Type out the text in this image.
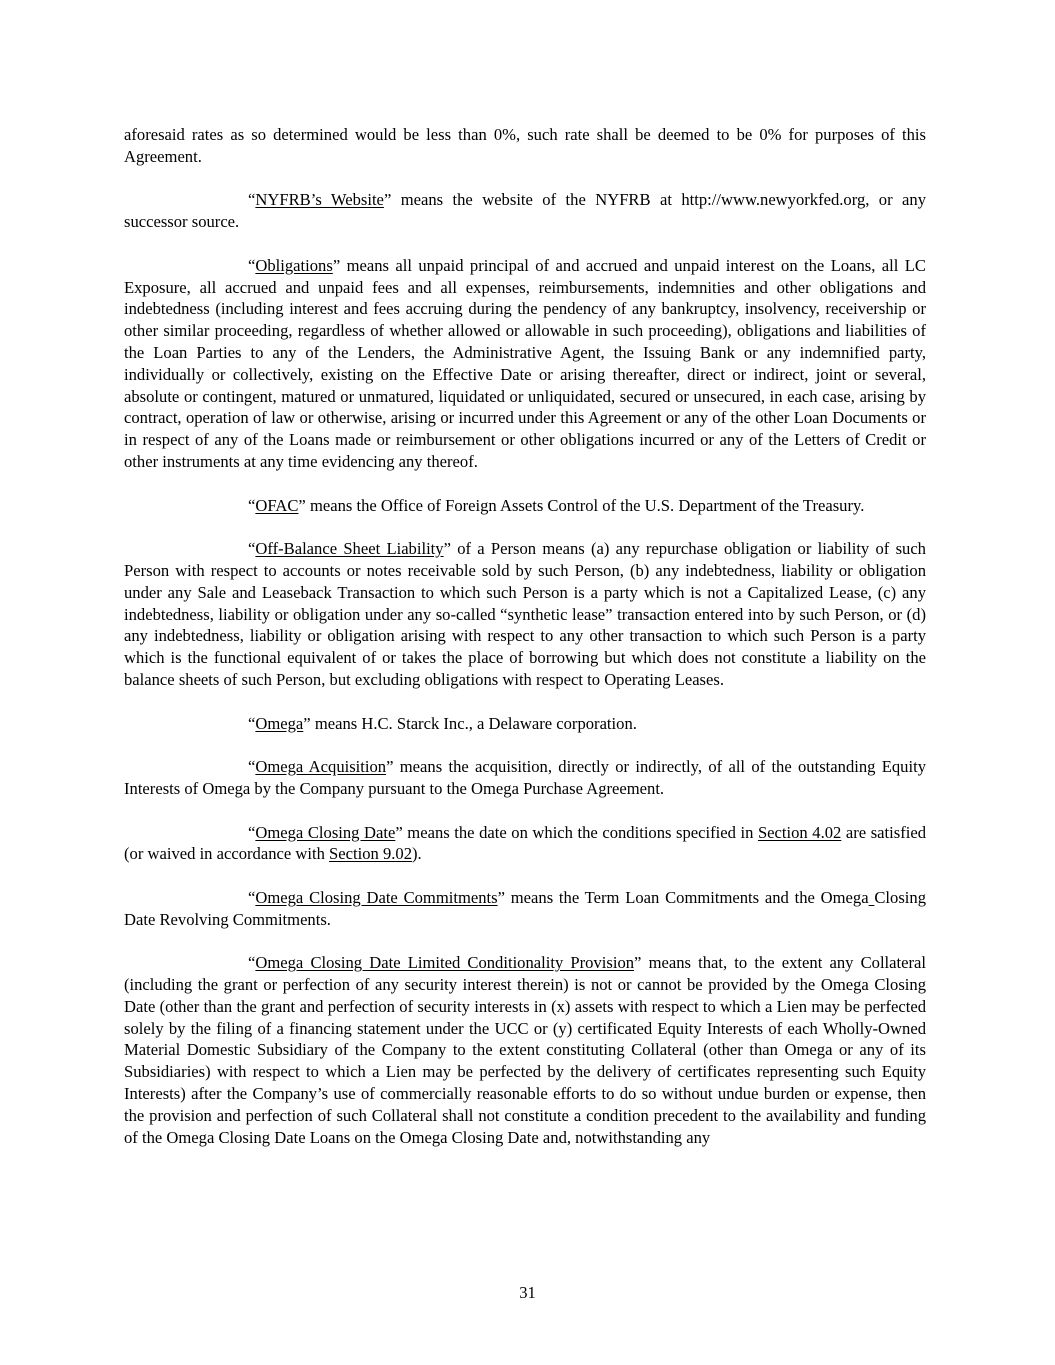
aforesaid rates as so determined would be less than 0%, such rate shall be deemed to be 0% for purposes of this Agreement.

“NYFRB’s Website” means the website of the NYFRB at http://www.newyorkfed.org, or any successor source.

“Obligations” means all unpaid principal of and accrued and unpaid interest on the Loans, all LC Exposure, all accrued and unpaid fees and all expenses, reimbursements, indemnities and other obligations and indebtedness (including interest and fees accruing during the pendency of any bankruptcy, insolvency, receivership or other similar proceeding, regardless of whether allowed or allowable in such proceeding), obligations and liabilities of the Loan Parties to any of the Lenders, the Administrative Agent, the Issuing Bank or any indemnified party, individually or collectively, existing on the Effective Date or arising thereafter, direct or indirect, joint or several, absolute or contingent, matured or unmatured, liquidated or unliquidated, secured or unsecured, in each case, arising by contract, operation of law or otherwise, arising or incurred under this Agreement or any of the other Loan Documents or in respect of any of the Loans made or reimbursement or other obligations incurred or any of the Letters of Credit or other instruments at any time evidencing any thereof.

“OFAC” means the Office of Foreign Assets Control of the U.S. Department of the Treasury.

“Off-Balance Sheet Liability” of a Person means (a) any repurchase obligation or liability of such Person with respect to accounts or notes receivable sold by such Person, (b) any indebtedness, liability or obligation under any Sale and Leaseback Transaction to which such Person is a party which is not a Capitalized Lease, (c) any indebtedness, liability or obligation under any so-called “synthetic lease” transaction entered into by such Person, or (d) any indebtedness, liability or obligation arising with respect to any other transaction to which such Person is a party which is the functional equivalent of or takes the place of borrowing but which does not constitute a liability on the balance sheets of such Person, but excluding obligations with respect to Operating Leases.

“Omega” means H.C. Starck Inc., a Delaware corporation.

“Omega Acquisition” means the acquisition, directly or indirectly, of all of the outstanding Equity Interests of Omega by the Company pursuant to the Omega Purchase Agreement.

“Omega Closing Date” means the date on which the conditions specified in Section 4.02 are satisfied (or waived in accordance with Section 9.02).

“Omega Closing Date Commitments” means the Term Loan Commitments and the Omega Closing Date Revolving Commitments.

“Omega Closing Date Limited Conditionality Provision” means that, to the extent any Collateral (including the grant or perfection of any security interest therein) is not or cannot be provided by the Omega Closing Date (other than the grant and perfection of security interests in (x) assets with respect to which a Lien may be perfected solely by the filing of a financing statement under the UCC or (y) certificated Equity Interests of each Wholly-Owned Material Domestic Subsidiary of the Company to the extent constituting Collateral (other than Omega or any of its Subsidiaries) with respect to which a Lien may be perfected by the delivery of certificates representing such Equity Interests) after the Company’s use of commercially reasonable efforts to do so without undue burden or expense, then the provision and perfection of such Collateral shall not constitute a condition precedent to the availability and funding of the Omega Closing Date Loans on the Omega Closing Date and, notwithstanding any

31
